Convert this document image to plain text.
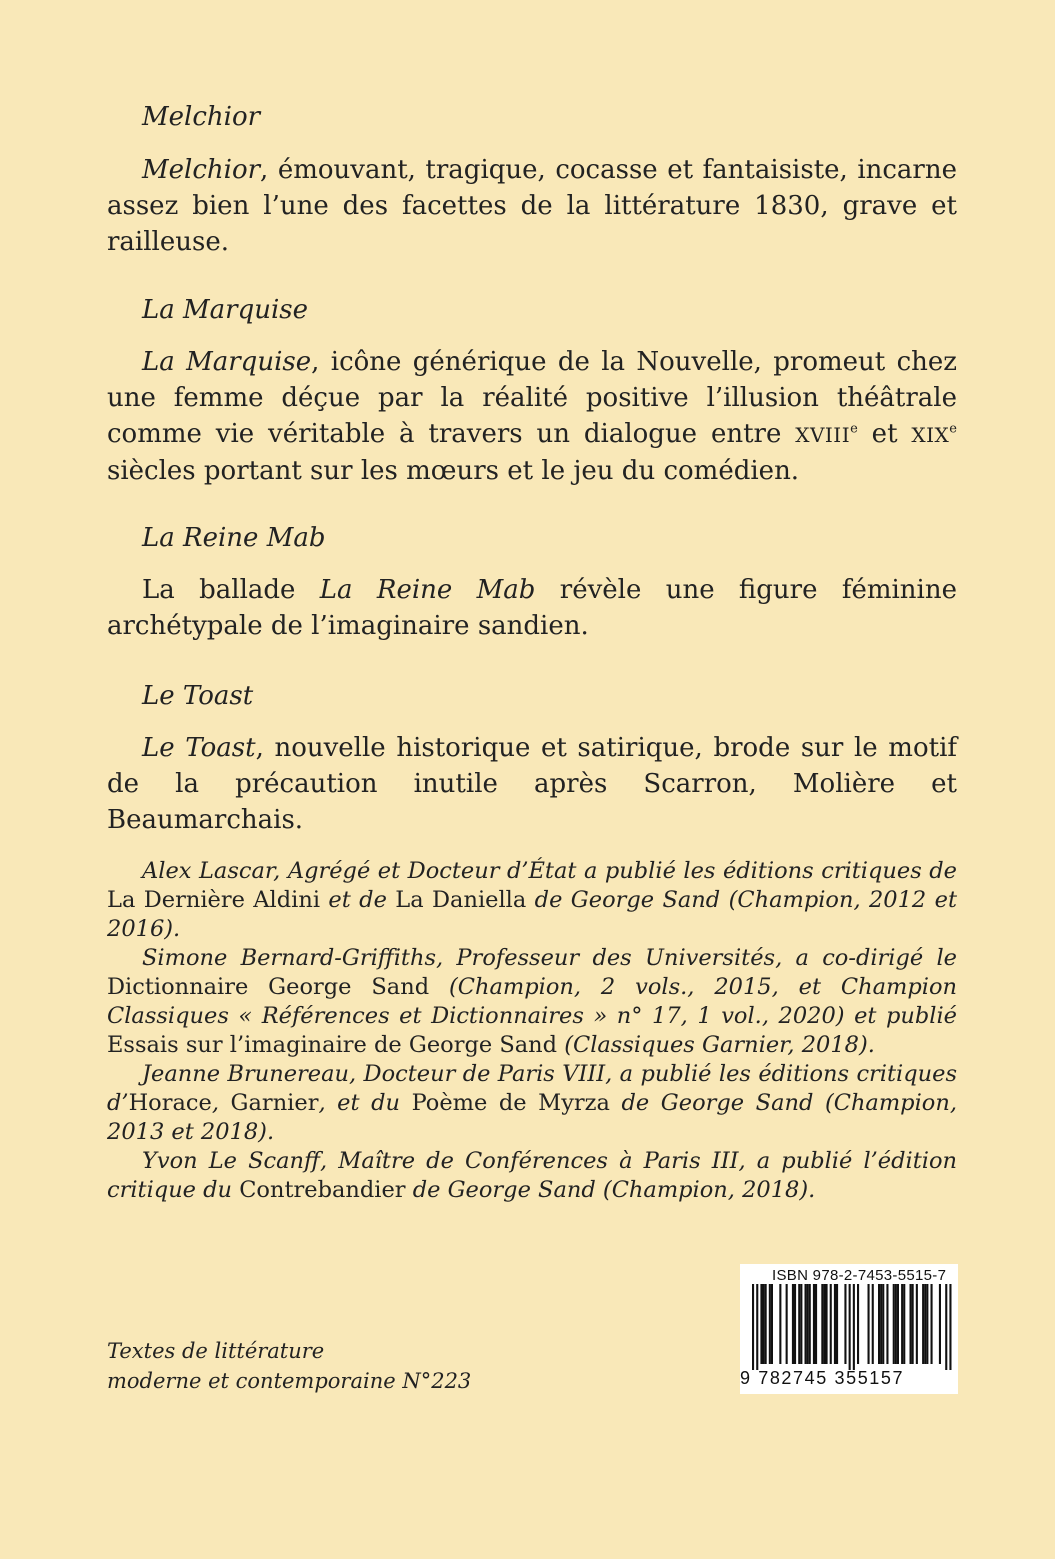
Melchior
Melchior, émouvant, tragique, cocasse et fantaisiste, incarne assez bien l’une des facettes de la littérature 1830, grave et railleuse.
La Marquise
La Marquise, icône générique de la Nouvelle, promeut chez une femme déçue par la réalité positive l’illusion théâtrale comme vie véritable à travers un dialogue entre XVIIIe et XIXe siècles portant sur les mœurs et le jeu du comédien.
La Reine Mab
La ballade La Reine Mab révèle une figure féminine archétypale de l’imaginaire sandien.
Le Toast
Le Toast, nouvelle historique et satirique, brode sur le motif de la précaution inutile après Scarron, Molière et Beaumarchais.

Alex Lascar, Agrégé et Docteur d’État a publié les éditions critiques de La Dernière Aldini et de La Daniella de George Sand (Champion, 2012 et 2016).

Simone Bernard-Griffiths, Professeur des Universités, a co-dirigé le Dictionnaire George Sand (Champion, 2 vols., 2015, et Champion Classiques « Références et Dictionnaires » n° 17, 1 vol., 2020) et publié Essais sur l’imaginaire de George Sand (Classiques Garnier, 2018).

Jeanne Brunereau, Docteur de Paris VIII, a publié les éditions critiques d’Horace, Garnier, et du Poème de Myrza de George Sand (Champion, 2013 et 2018).

Yvon Le Scanff, Maître de Conférences à Paris III, a publié l’édition critique du Contrebandier de George Sand (Champion, 2018).

Textes de littérature
moderne et contemporaine N°223
ISBN 978-2-7453-5515-7
9 782745 355157
